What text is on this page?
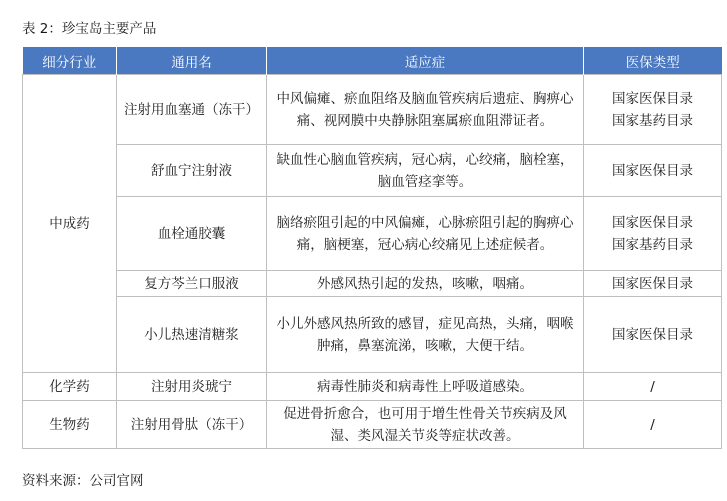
表 2：珍宝岛主要产品
细分行业	通用名	适应症	医保类型
中成药	注射用血塞通（冻干）	中风偏瘫、瘀血阻络及脑血管疾病后遗症、胸痹心痛、视网膜中央静脉阻塞属瘀血阻滞证者。	国家医保目录
国家基药目录

	舒血宁注射液	缺血性心脑血管疾病，冠心病，心绞痛，脑栓塞，脑血管痉挛等。	国家医保目录

	血栓通胶囊	脑络瘀阻引起的中风偏瘫，心脉瘀阻引起的胸痹心痛，脑梗塞，冠心病心绞痛见上述症候者。	国家医保目录
国家基药目录

	复方芩兰口服液	外感风热引起的发热，咳嗽，咽痛。	国家医保目录

	小儿热速清糖浆	小儿外感风热所致的感冒，症见高热，头痛，咽喉肿痛，鼻塞流涕，咳嗽，大便干结。	国家医保目录

化学药	注射用炎琥宁	病毒性肺炎和病毒性上呼吸道感染。	/

生物药	注射用骨肽（冻干）	促进骨折愈合，也可用于增生性骨关节疾病及风湿、类风湿关节炎等症状改善。	/
资料来源：公司官网
